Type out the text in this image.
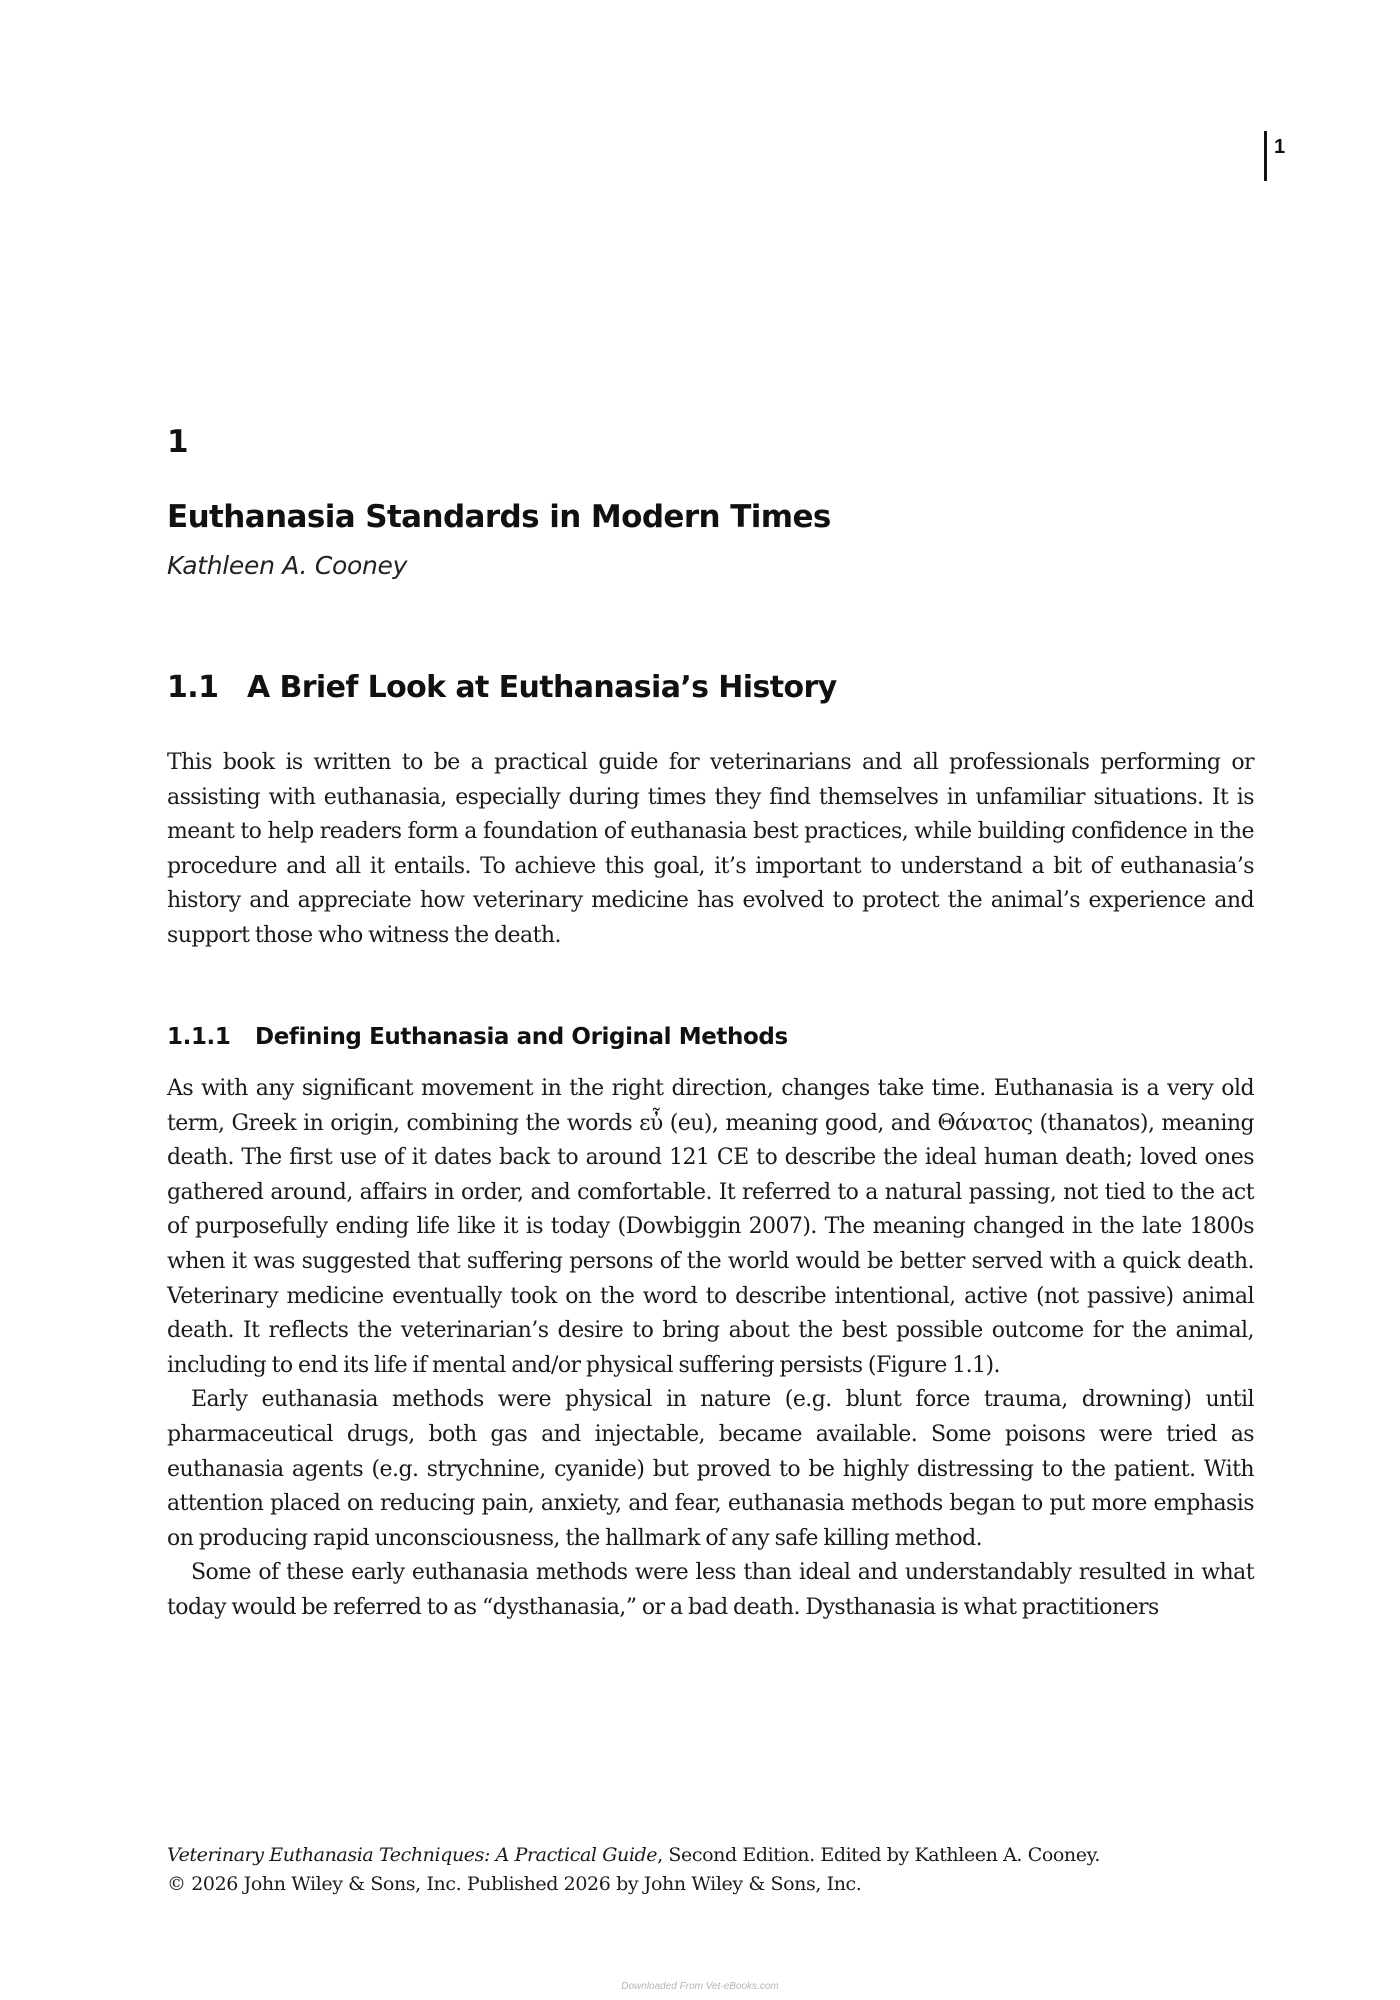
1
1
Euthanasia Standards in Modern Times
Kathleen A. Cooney
1.1 A Brief Look at Euthanasia’s History

This book is written to be a practical guide for veterinarians and all professionals performing or assisting with euthanasia, especially during times they find themselves in unfamiliar situations. It is meant to help readers form a foundation of euthanasia best practices, while building confidence in the procedure and all it entails. To achieve this goal, it’s important to understand a bit of euthanasia’s history and appreciate how veterinary medicine has evolved to protect the animal’s experience and support those who witness the death.

1.1.1 Defining Euthanasia and Original Methods

As with any significant movement in the right direction, changes take time. Euthanasia is a very old term, Greek in origin, combining the words εὖ (eu), meaning good, and Θάνατος (thanatos), meaning death. The first use of it dates back to around 121 CE to describe the ideal human death; loved ones gathered around, affairs in order, and comfortable. It referred to a natural passing, not tied to the act of purposefully ending life like it is today (Dowbiggin 2007). The meaning changed in the late 1800s when it was suggested that suffering persons of the world would be better served with a quick death. Veterinary medicine eventually took on the word to describe intentional, active (not passive) animal death. It reflects the veterinarian’s desire to bring about the best possible outcome for the animal, including to end its life if mental and/or physical suffering persists (Figure 1.1).

Early euthanasia methods were physical in nature (e.g. blunt force trauma, drowning) until pharmaceutical drugs, both gas and injectable, became available. Some poisons were tried as euthanasia agents (e.g. strychnine, cyanide) but proved to be highly distressing to the patient. With attention placed on reducing pain, anxiety, and fear, euthanasia methods began to put more emphasis on producing rapid unconsciousness, the hallmark of any safe killing method.

Some of these early euthanasia methods were less than ideal and understandably resulted in what today would be referred to as “dysthanasia,” or a bad death. Dysthanasia is what practitioners

Veterinary Euthanasia Techniques: A Practical Guide, Second Edition. Edited by Kathleen A. Cooney.
© 2026 John Wiley & Sons, Inc. Published 2026 by John Wiley & Sons, Inc.
Downloaded From Vet-eBooks.com
